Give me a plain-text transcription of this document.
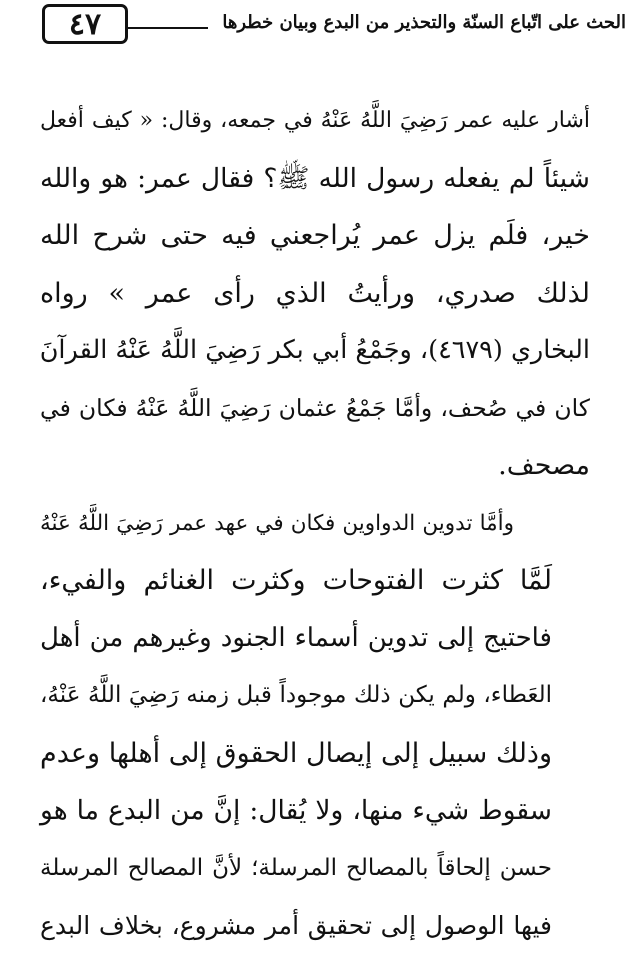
٤٧	الحث على اتّباع السنّة والتحذير من البدع وبيان خطرها
أشار عليه عمر رَضِيَ اللَّهُ عَنْهُ في جمعه، وقال: « كيف أفعل
شيئاً لم يفعله رسول الله ﷺ؟ فقال عمر: هو والله
خير، فلَم يزل عمر يُراجعني فيه حتى شرح الله
لذلك صدري، ورأيتُ الذي رأى عمر » رواه
البخاري (٤٦٧٩)، وجَمْعُ أبي بكر رَضِيَ اللَّهُ عَنْهُ القرآنَ
كان في صُحف، وأمَّا جَمْعُ عثمان رَضِيَ اللَّهُ عَنْهُ فكان في
مصحف.
وأمَّا تدوين الدواوين فكان في عهد عمر رَضِيَ اللَّهُ عَنْهُ
لَمَّا كثرت الفتوحات وكثرت الغنائم والفيء،
فاحتيج إلى تدوين أسماء الجنود وغيرهم من أهل
العَطاء، ولم يكن ذلك موجوداً قبل زمنه رَضِيَ اللَّهُ عَنْهُ،
وذلك سبيل إلى إيصال الحقوق إلى أهلها وعدم
سقوط شيء منها، ولا يُقال: إنَّ من البدع ما هو
حسن إلحاقاً بالمصالح المرسلة؛ لأنَّ المصالح المرسلة
فيها الوصول إلى تحقيق أمر مشروع، بخلاف البدع
